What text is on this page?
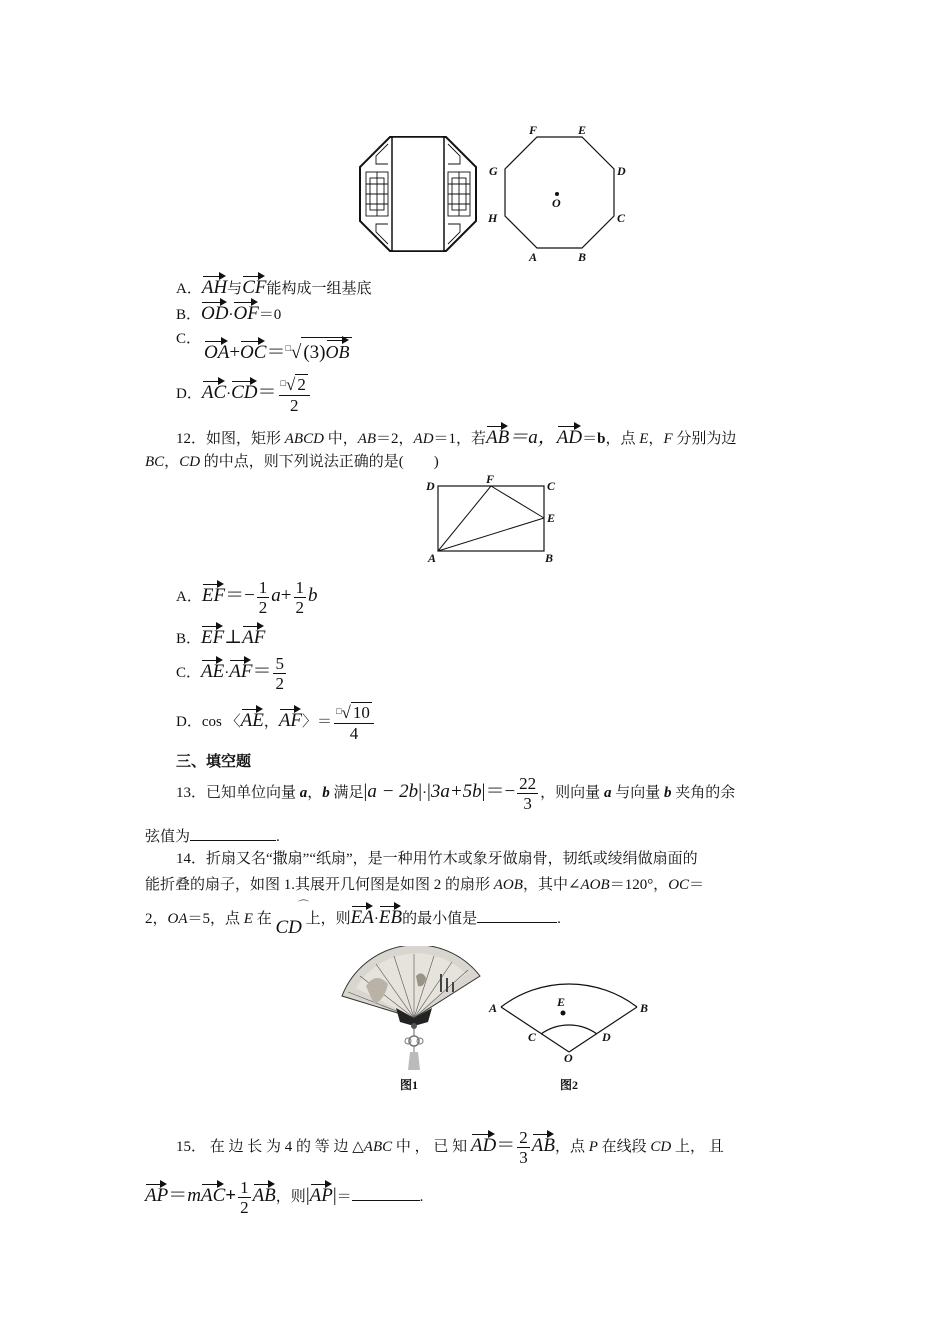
F	E
D
C
B
A
H
G
O
A．AH与CF能构成一组基底
B．OD·OF＝0
C．
OA+OC＝□√ (3)OB
D．$AC\cdot CD= \frac{^□√ 2}{2}$
12．如图，矩形 ABCD 中，AB＝2，AD＝1，若AB＝a，AD＝b，点 E，F 分别为边
BC，CD 的中点，则下列说法正确的是(　　)
D	F	C
E
A	B
A．$EF=- \frac{1}{2} a+ \frac{1}{2}$ b
B．EF⊥AF
C．$AE\cdot AF= \frac{5}{2}$
D．cos 〈AE，AF〉＝ $\frac{^□√ 10}{4}$
三、填空题
13．已知单位向量 a，b 满足$|a - 2b|\cdot|3a+5b|=- \frac{22}{3}$ ，则向量 a 与向量 b 夹角的余
弦值为	.
14．折扇又名“撒扇”“纸扇”，是一种用竹木或象牙做扇骨，韧纸或绫绢做扇面的
能折叠的扇子，如图 1.其展开几何图是如图 2 的扇形 AOB，其中∠AOB＝120°，OC＝
2，OA＝5，点 E 在 CD 上，则EA·EB的最小值是	.
⌒
A	B
E
C	D
O
图1	图2
15． 在 边 长 为 4 的 等 边 △ABC 中 ， 已 知 $AD= \frac{2}{3}$ AB，点 P 在线段 CD 上， 且
$AP=mAC+ \frac{1}{2}$ AB，则|AP|＝	.
